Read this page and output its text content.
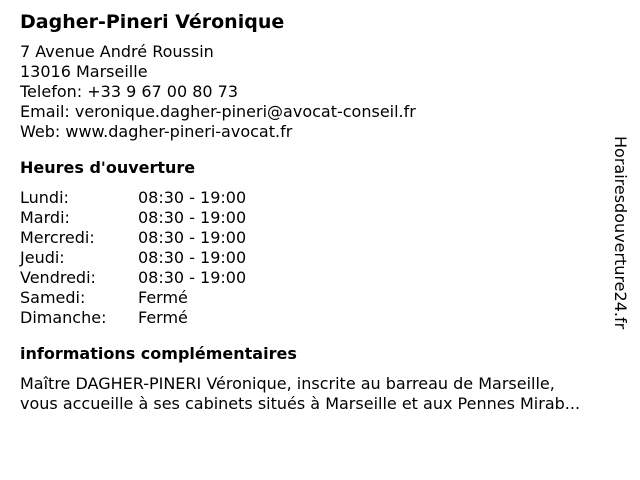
Dagher-Pineri Véronique
7 Avenue André Roussin
13016 Marseille
Telefon: +33 9 67 00 80 73
Email: veronique.dagher-pineri@avocat-conseil.fr
Web: www.dagher-pineri-avocat.fr
Heures d'ouverture
Lundi:	08:30 - 19:00
Mardi:	08:30 - 19:00
Mercredi:	08:30 - 19:00
Jeudi:	08:30 - 19:00
Vendredi:	08:30 - 19:00
Samedi:	Fermé
Dimanche:	Fermé
informations complémentaires
Maître DAGHER-PINERI Véronique, inscrite au barreau de Marseille,
vous accueille à ses cabinets situés à Marseille et aux Pennes Mirab...
Horairesdouverture24.fr
